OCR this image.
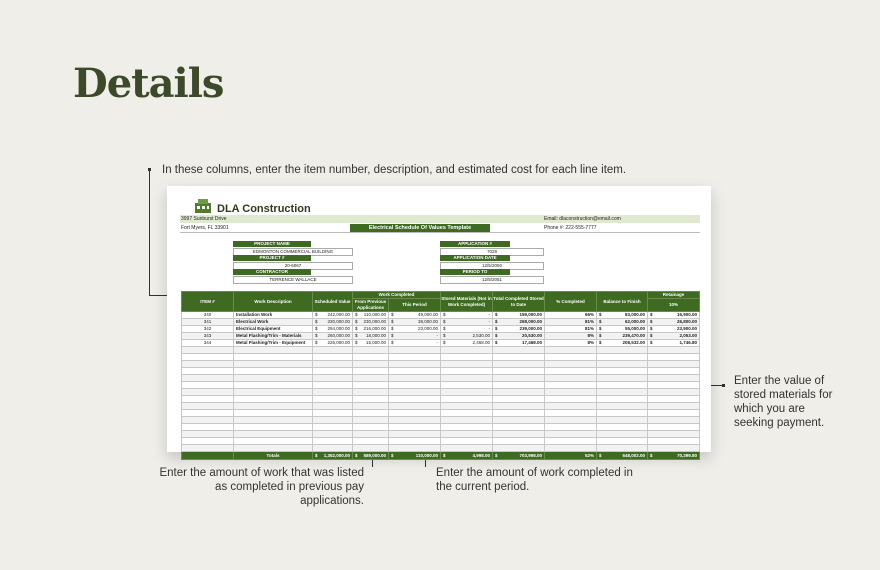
Details
In these columns, enter the item number, description, and estimated cost for each line item.
Enter the value of stored materials for which you are seeking payment.
Enter the amount of work that was listed as completed in previous pay applications.
Enter the amount of work completed in the current period.
DLA Construction
3997 Sunburst Drive	Email: dlaconstruction@email.com
Fort Myers, FL 33901	Phone #: 222-555-7777
Electrical Schedule Of Values Template
PROJECT NAME
EDMONTON COMMERCIAL BUILDING
PROJECT #
20-6067
CONTRACTOR
TERRENCE WALLACE
APPLICATION #
7029
APPLICATION DATE
12/5/2050
PERIOD TO
12/5/2051
ITEM #	Work Description	Scheduled Value	Work Completed		Stored Materials (Not in Work Completed)	Total Completed Stored to Date	% Completed	Balance to Finish	Retainage
			From Previous Applications	This Period					10%
340	Installation Work	$ 242,000.00	$ 110,000.00	$ 49,000.00	$ -	$ 159,000.00	66%	$ 83,000.00	$ 15,900.00
341	Electrical Work	$ 330,000.00	$ 230,000.00	$ 38,000.00	$ -	$ 268,000.00	81%	$ 62,000.00	$ 26,800.00
342	Electrical Equipment	$ 294,000.00	$ 216,000.00	$ 23,000.00	$ -	$ 239,000.00	81%	$ 55,000.00	$ 23,900.00
343	Metal Flashing/Trim - Materials	$ 260,000.00	$ 18,000.00	$ -	$ 2,530.00	$ 20,530.00	8%	$ 239,470.00	$ 2,053.00
344	Metal Flashing/Trim - Equipment	$ 226,000.00	$ 15,000.00	$ -	$ 2,468.00	$ 17,468.00	8%	$ 208,532.00	$ 1,746.80

	Totals	$ 1,352,000.00	$ 589,000.00	$ 110,000.00	$ 4,998.00	$ 703,998.00	52%	$ 648,002.00	$ 70,399.80
